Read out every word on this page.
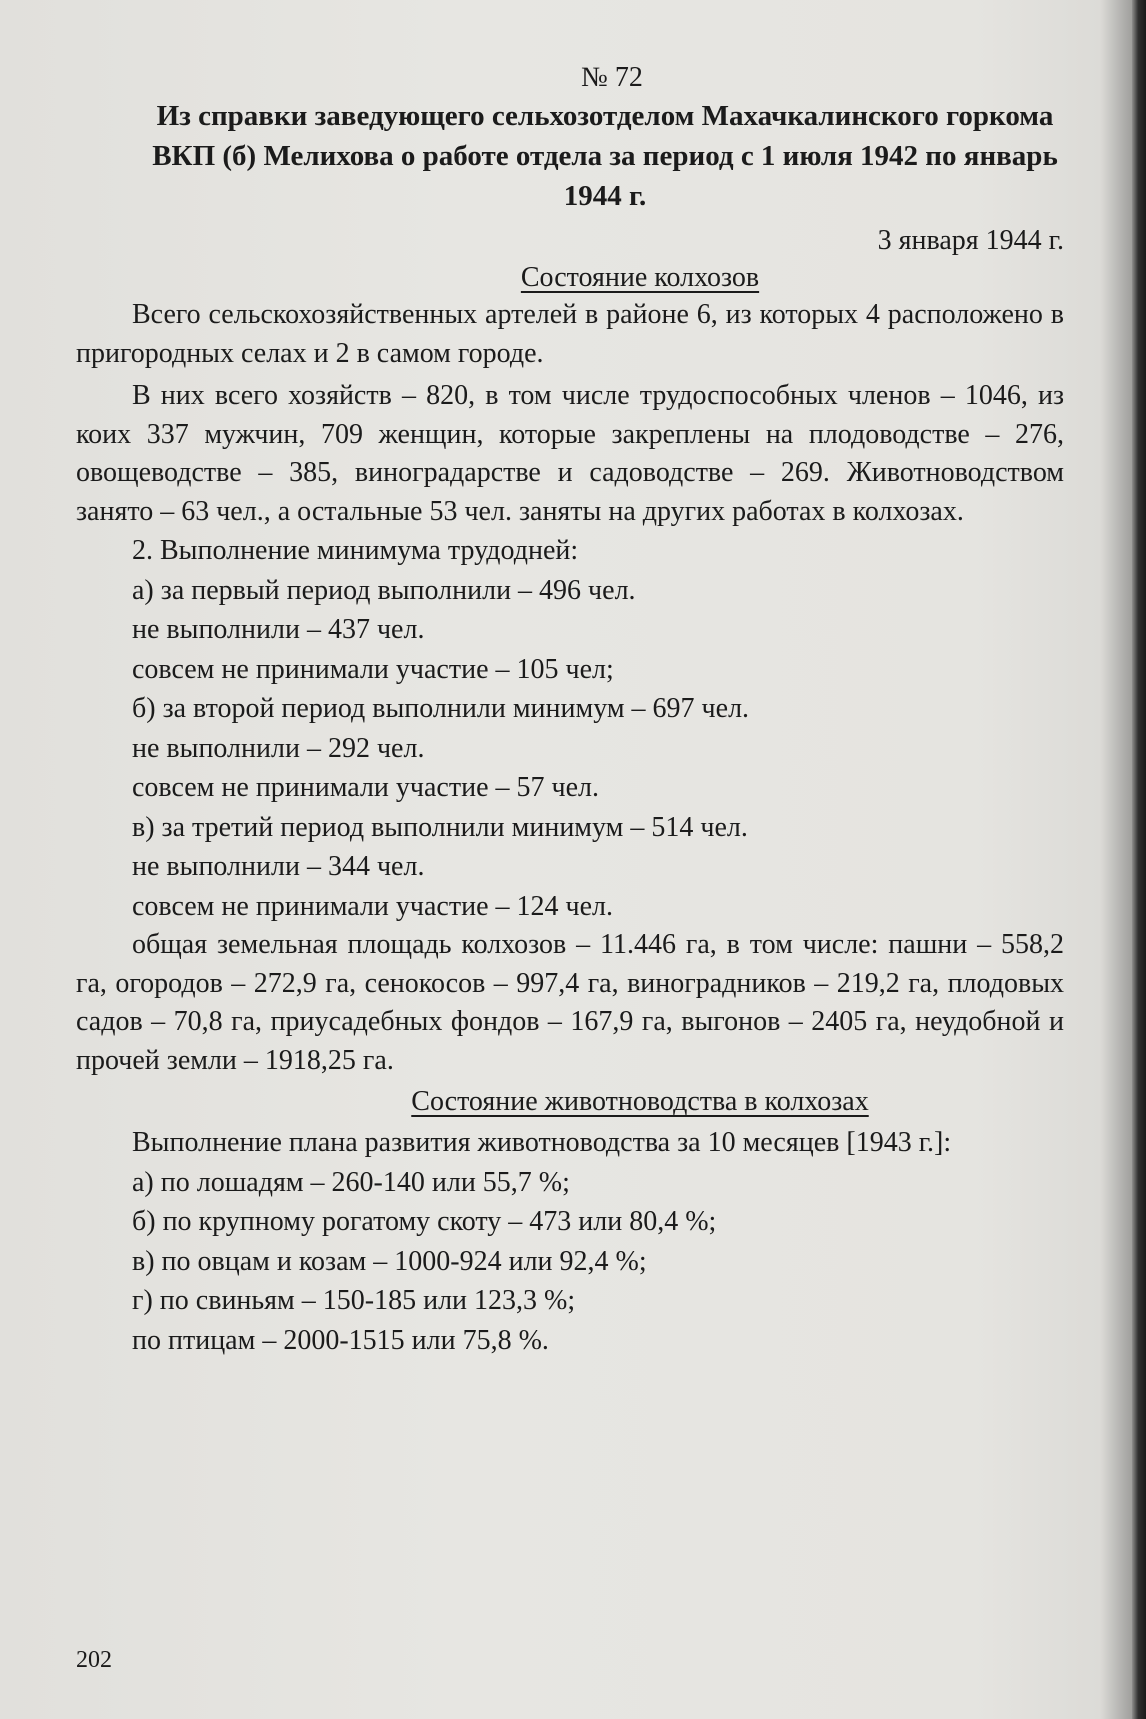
№ 72
Из справки заведующего сельхозотделом Махачкалинского горкома ВКП (б) Мелихова о работе отдела за период с 1 июля 1942 по январь 1944 г.
3 января 1944 г.
Состояние колхозов

Всего сельскохозяйственных артелей в районе 6, из которых 4 расположено в пригородных селах и 2 в самом городе.

В них всего хозяйств – 820, в том числе трудоспособных членов – 1046, из коих 337 мужчин, 709 женщин, которые закреплены на плодоводстве – 276, овощеводстве – 385, виноградарстве и садоводстве – 269. Животноводством занято – 63 чел., а остальные 53 чел. заняты на других работах в колхозах.

2. Выполнение минимума трудодней:
а) за первый период выполнили – 496 чел.
не выполнили – 437 чел.
совсем не принимали участие – 105 чел;
б) за второй период выполнили минимум – 697 чел.
не выполнили – 292 чел.
совсем не принимали участие – 57 чел.
в) за третий период выполнили минимум – 514 чел.
не выполнили – 344 чел.
совсем не принимали участие – 124 чел.

общая земельная площадь колхозов – 11.446 га, в том числе: пашни – 558,2 га, огородов – 272,9 га, сенокосов – 997,4 га, виноградников – 219,2 га, плодовых садов – 70,8 га, приусадебных фондов – 167,9 га, выгонов – 2405 га, неудобной и прочей земли – 1918,25 га.

Состояние животноводства в колхозах

Выполнение плана развития животноводства за 10 месяцев [1943 г.]:

а) по лошадям – 260-140 или 55,7 %;
б) по крупному рогатому скоту – 473 или 80,4 %;
в) по овцам и козам – 1000-924 или 92,4 %;
г) по свиньям – 150-185 или 123,3 %;
по птицам – 2000-1515 или 75,8 %.
202
